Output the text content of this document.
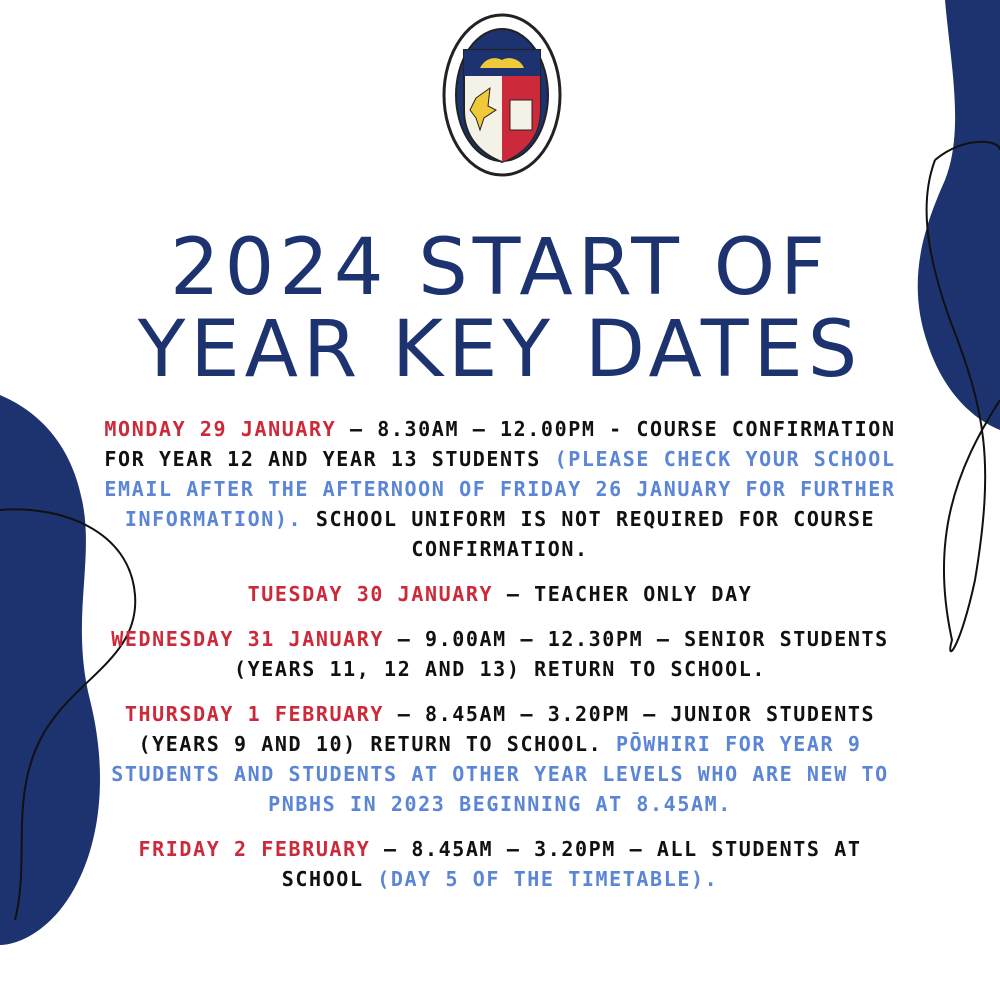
2024 START OF
YEAR KEY DATES

MONDAY 29 JANUARY – 8.30AM – 12.00PM - COURSE CONFIRMATION FOR YEAR 12 AND YEAR 13 STUDENTS (PLEASE CHECK YOUR SCHOOL EMAIL AFTER THE AFTERNOON OF FRIDAY 26 JANUARY FOR FURTHER INFORMATION). SCHOOL UNIFORM IS NOT REQUIRED FOR COURSE CONFIRMATION.

TUESDAY 30 JANUARY – TEACHER ONLY DAY

WEDNESDAY 31 JANUARY – 9.00AM – 12.30PM – SENIOR STUDENTS (YEARS 11, 12 AND 13) RETURN TO SCHOOL.

THURSDAY 1 FEBRUARY – 8.45AM – 3.20PM – JUNIOR STUDENTS (YEARS 9 AND 10) RETURN TO SCHOOL. PŌWHIRI FOR YEAR 9 STUDENTS AND STUDENTS AT OTHER YEAR LEVELS WHO ARE NEW TO PNBHS IN 2023 BEGINNING AT 8.45AM.

FRIDAY 2 FEBRUARY – 8.45AM – 3.20PM – ALL STUDENTS AT SCHOOL (DAY 5 OF THE TIMETABLE).
